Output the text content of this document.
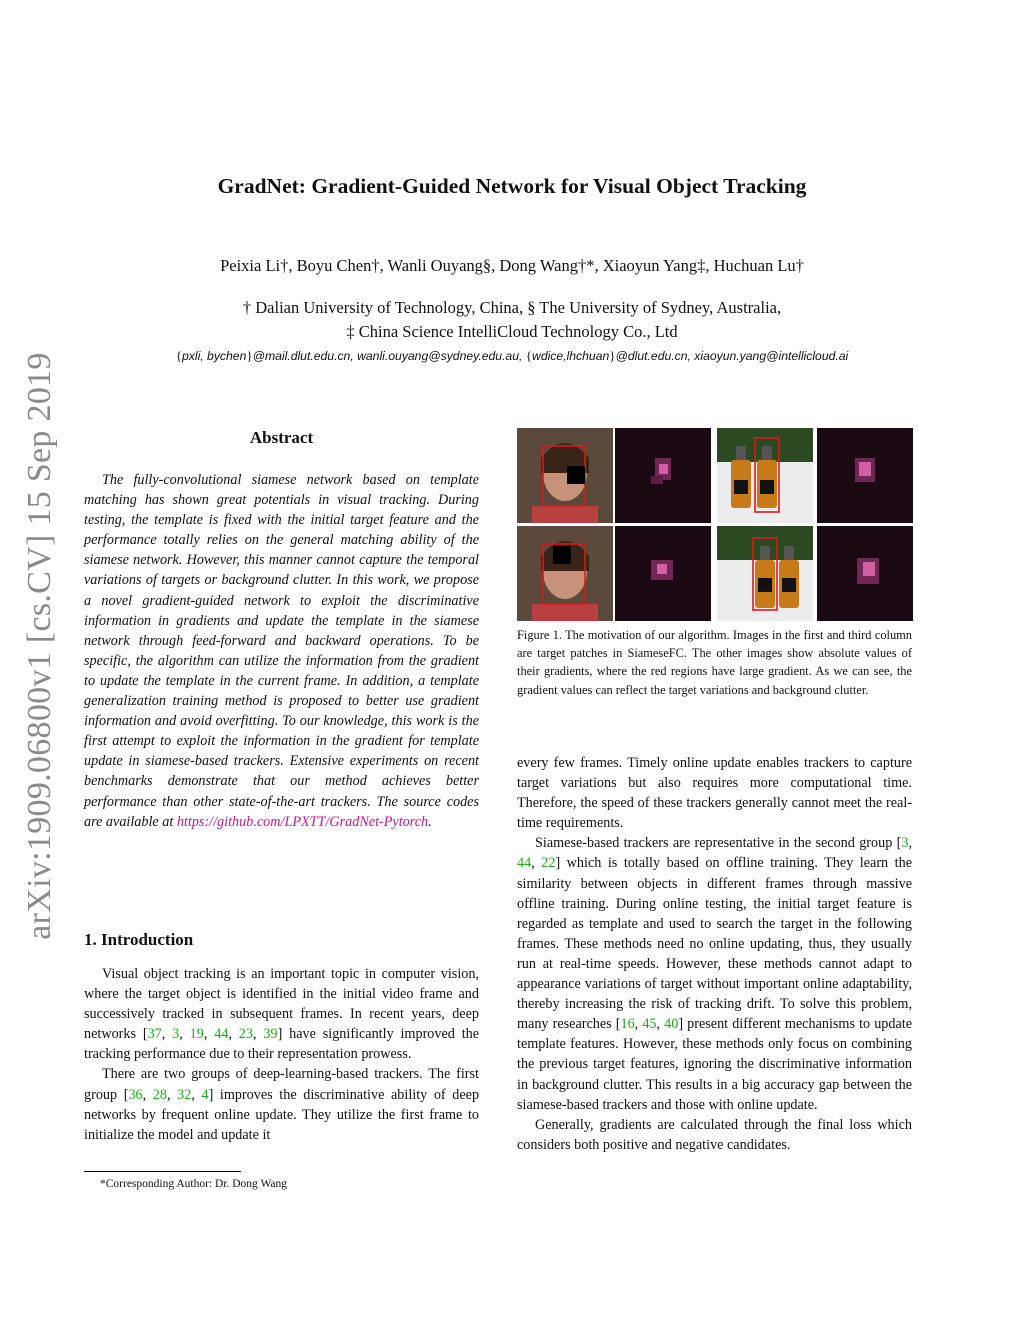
arXiv:1909.06800v1 [cs.CV] 15 Sep 2019
GradNet: Gradient-Guided Network for Visual Object Tracking
Peixia Li†, Boyu Chen†, Wanli Ouyang§, Dong Wang†*, Xiaoyun Yang‡, Huchuan Lu†
† Dalian University of Technology, China, § The University of Sydney, Australia,
‡ China Science IntelliCloud Technology Co., Ltd
{pxli, bychen}@mail.dlut.edu.cn, wanli.ouyang@sydney.edu.au, {wdice,lhchuan}@dlut.edu.cn, xiaoyun.yang@intellicloud.ai
Abstract

The fully-convolutional siamese network based on template matching has shown great potentials in visual tracking. During testing, the template is fixed with the initial target feature and the performance totally relies on the general matching ability of the siamese network. However, this manner cannot capture the temporal variations of targets or background clutter. In this work, we propose a novel gradient-guided network to exploit the discriminative information in gradients and update the template in the siamese network through feed-forward and backward operations. To be specific, the algorithm can utilize the information from the gradient to update the template in the current frame. In addition, a template generalization training method is proposed to better use gradient information and avoid overfitting. To our knowledge, this work is the first attempt to exploit the information in the gradient for template update in siamese-based trackers. Extensive experiments on recent benchmarks demonstrate that our method achieves better performance than other state-of-the-art trackers. The source codes are available at https://github.com/LPXTT/GradNet-Pytorch.

1. Introduction

Visual object tracking is an important topic in computer vision, where the target object is identified in the initial video frame and successively tracked in subsequent frames. In recent years, deep networks [37, 3, 19, 44, 23, 39] have significantly improved the tracking performance due to their representation prowess.

There are two groups of deep-learning-based trackers. The first group [36, 28, 32, 4] improves the discriminative ability of deep networks by frequent online update. They utilize the first frame to initialize the model and update it

*Corresponding Author: Dr. Dong Wang
Figure 1. The motivation of our algorithm. Images in the first and third column are target patches in SiameseFC. The other images show absolute values of their gradients, where the red regions have large gradient. As we can see, the gradient values can reflect the target variations and background clutter.

every few frames. Timely online update enables trackers to capture target variations but also requires more computational time. Therefore, the speed of these trackers generally cannot meet the real-time requirements.

Siamese-based trackers are representative in the second group [3, 44, 22] which is totally based on offline training. They learn the similarity between objects in different frames through massive offline training. During online testing, the initial target feature is regarded as template and used to search the target in the following frames. These methods need no online updating, thus, they usually run at real-time speeds. However, these methods cannot adapt to appearance variations of target without important online adaptability, thereby increasing the risk of tracking drift. To solve this problem, many researches [16, 45, 40] present different mechanisms to update template features. However, these methods only focus on combining the previous target features, ignoring the discriminative information in background clutter. This results in a big accuracy gap between the siamese-based trackers and those with online update.

Generally, gradients are calculated through the final loss which considers both positive and negative candidates.
